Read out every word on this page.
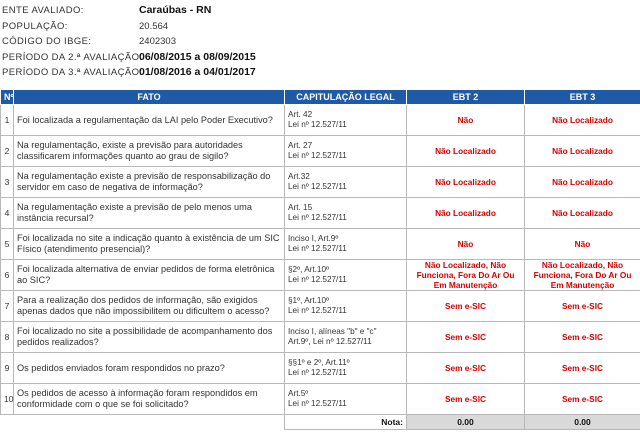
ENTE AVALIADO:	Caraúbas - RN
POPULAÇÃO:	20.564
CÓDIGO DO IBGE:	2402303
PERÍODO DA 2.ª AVALIAÇÃO:
06/08/2015 a 08/09/2015
PERÍODO DA 3.ª AVALIAÇÃO:
01/08/2016 a 04/01/2017
Nº	FATO	CAPITULAÇÃO LEGAL	EBT 2	EBT 3
1	Foi localizada a regulamentação da LAI pelo Poder Executivo?	Art. 42
Lei nº 12.527/11	Não	Não Localizado
2	Na regulamentação, existe a previsão para autoridades classificarem informações quanto ao grau de sigilo?	Art. 27
Lei nº 12.527/11	Não Localizado	Não Localizado
3	Na regulamentação existe a previsão de responsabilização do servidor em caso de negativa de informação?	Art.32
Lei nº 12.527/11	Não Localizado	Não Localizado
4	Na regulamentação existe a previsão de pelo menos uma instância recursal?	Art. 15
Lei nº 12.527/11	Não Localizado	Não Localizado
5	Foi localizada no site a indicação quanto à existência de um SIC Físico (atendimento presencial)?	Inciso I, Art.9º
Lei nº 12.527/11	Não	Não
6	Foi localizada alternativa de enviar pedidos de forma eletrônica ao SIC?	§2º, Art.10º
Lei nº 12.527/11	Não Localizado, Não Funciona, Fora Do Ar Ou Em Manutenção	Não Localizado, Não Funciona, Fora Do Ar Ou Em Manutenção
7	Para a realização dos pedidos de informação, são exigidos apenas dados que não impossibilitem ou dificultem o acesso?	§1º, Art.10º
Lei nº 12.527/11	Sem e-SIC	Sem e-SIC
8	Foi localizado no site a possibilidade de acompanhamento dos pedidos realizados?	Inciso I, alíneas "b" e "c"
Art.9º, Lei nº 12.527/11	Sem e-SIC	Sem e-SIC
9	Os pedidos enviados foram respondidos no prazo?	§§1º e 2º, Art.11º
Lei nº 12.527/11	Sem e-SIC	Sem e-SIC
10	Os pedidos de acesso à informação foram respondidos em conformidade com o que se foi solicitado?	Art.5º
Lei nº 12.527/11	Sem e-SIC	Sem e-SIC
		Nota:	0.00	0.00
